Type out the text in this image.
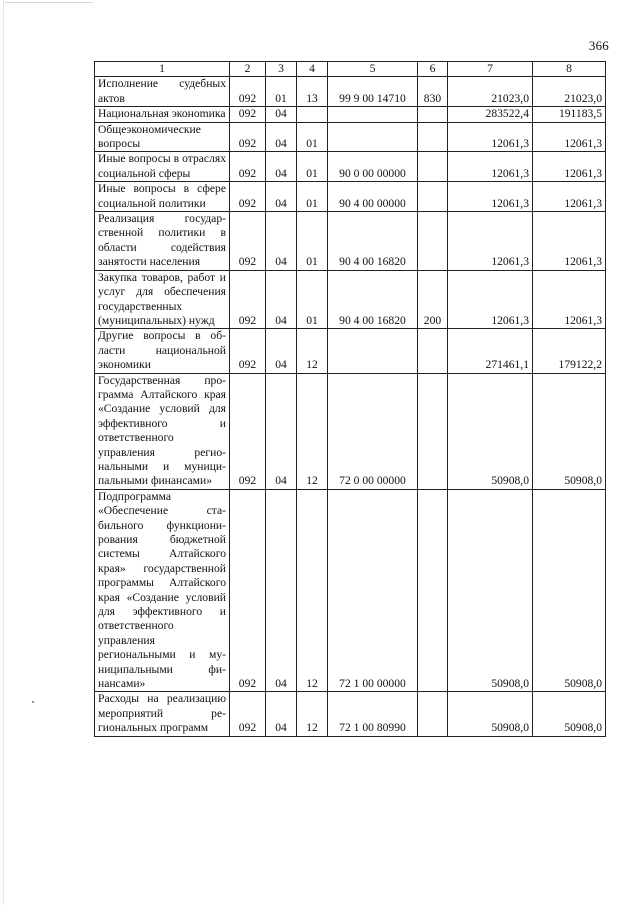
366
1	2	3	4	5	6	7	8
Исполнение судебных актов	092	01	13	99 9 00 14710	830	21023,0	21023,0
Национальная эконоmика	092	04				283522,4	191183,5
Общеэкономические вопросы	092	04	01			12061,3	12061,3
Иные вопросы в отраслях социальной сферы	092	04	01	90 0 00 00000		12061,3	12061,3
Иные вопросы в сфере социальной политики	092	04	01	90 4 00 00000		12061,3	12061,3
Реализация государственной политики в области содействия занятости населения	092	04	01	90 4 00 16820		12061,3	12061,3
Закупка товаров, работ и услуг для обеспечения государственных (муниципальных) нужд	092	04	01	90 4 00 16820	200	12061,3	12061,3
Другие вопросы в области национальной экономики	092	04	12			271461,1	179122,2
Государственная программа Алтайского края «Создание условий для эффективного и ответственного управления региональными и муниципальными финансами»	092	04	12	72 0 00 00000		50908,0	50908,0
Подпрограмма «Обеспечение стабильного функционирования бюджетной системы Алтайского края» государственной программы Алтайского края «Создание условий для эффективного и ответственного управления региональными и муниципальными финансами»	092	04	12	72 1 00 00000		50908,0	50908,0
Расходы на реализацию мероприятий региональных программ	092	04	12	72 1 00 80990		50908,0	50908,0
